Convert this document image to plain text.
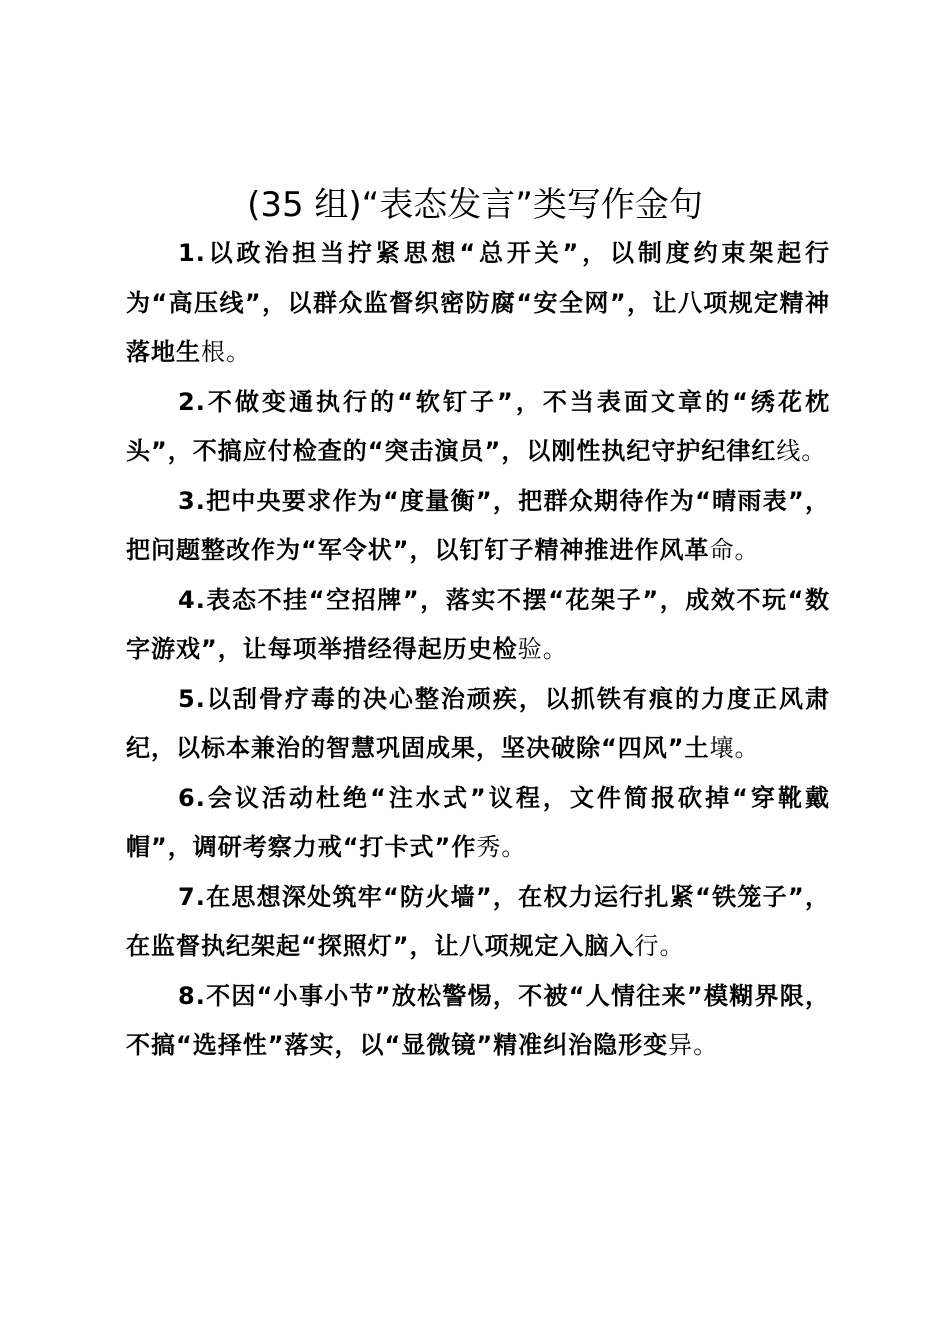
(35 组)“表态发言”类写作金句

1.以政治担当拧紧思想“总开关”，以制度约束架起行为“高压线”，以群众监督织密防腐“安全网”，让八项规定精神落地生根。

2.不做变通执行的“软钉子”，不当表面文章的“绣花枕头”，不搞应付检查的“突击演员”，以刚性执纪守护纪律红线。

3.把中央要求作为“度量衡”，把群众期待作为“晴雨表”，把问题整改作为“军令状”，以钉钉子精神推进作风革命。

4.表态不挂“空招牌”，落实不摆“花架子”，成效不玩“数字游戏”，让每项举措经得起历史检验。

5.以刮骨疗毒的决心整治顽疾，以抓铁有痕的力度正风肃纪，以标本兼治的智慧巩固成果，坚决破除“四风”土壤。

6.会议活动杜绝“注水式”议程，文件简报砍掉“穿靴戴帽”，调研考察力戒“打卡式”作秀。

7.在思想深处筑牢“防火墙”，在权力运行扎紧“铁笼子”，在监督执纪架起“探照灯”，让八项规定入脑入行。

8.不因“小事小节”放松警惕，不被“人情往来”模糊界限，不搞“选择性”落实，以“显微镜”精准纠治隐形变异。
